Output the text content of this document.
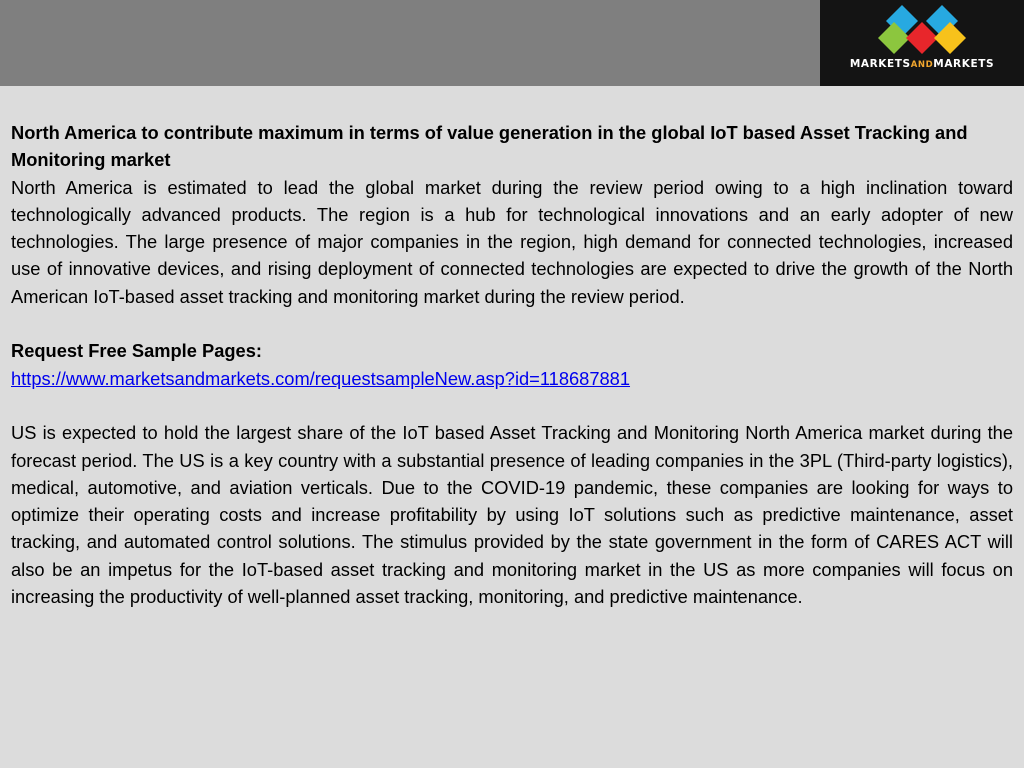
MARKETSANDMARKETS

North America to contribute maximum in terms of value generation in the global IoT based Asset Tracking and Monitoring market

North America is estimated to lead the global market during the review period owing to a high inclination toward technologically advanced products. The region is a hub for technological innovations and an early adopter of new technologies. The large presence of major companies in the region, high demand for connected technologies, increased use of innovative devices, and rising deployment of connected technologies are expected to drive the growth of the North American IoT-based asset tracking and monitoring market during the review period.

Request Free Sample Pages:

https://www.marketsandmarkets.com/requestsampleNew.asp?id=118687881

US is expected to hold the largest share of the IoT based Asset Tracking and Monitoring North America market during the forecast period. The US is a key country with a substantial presence of leading companies in the 3PL (Third-party logistics), medical, automotive, and aviation verticals. Due to the COVID-19 pandemic, these companies are looking for ways to optimize their operating costs and increase profitability by using IoT solutions such as predictive maintenance, asset tracking, and automated control solutions. The stimulus provided by the state government in the form of CARES ACT will also be an impetus for the IoT-based asset tracking and monitoring market in the US as more companies will focus on increasing the productivity of well-planned asset tracking, monitoring, and predictive maintenance.
